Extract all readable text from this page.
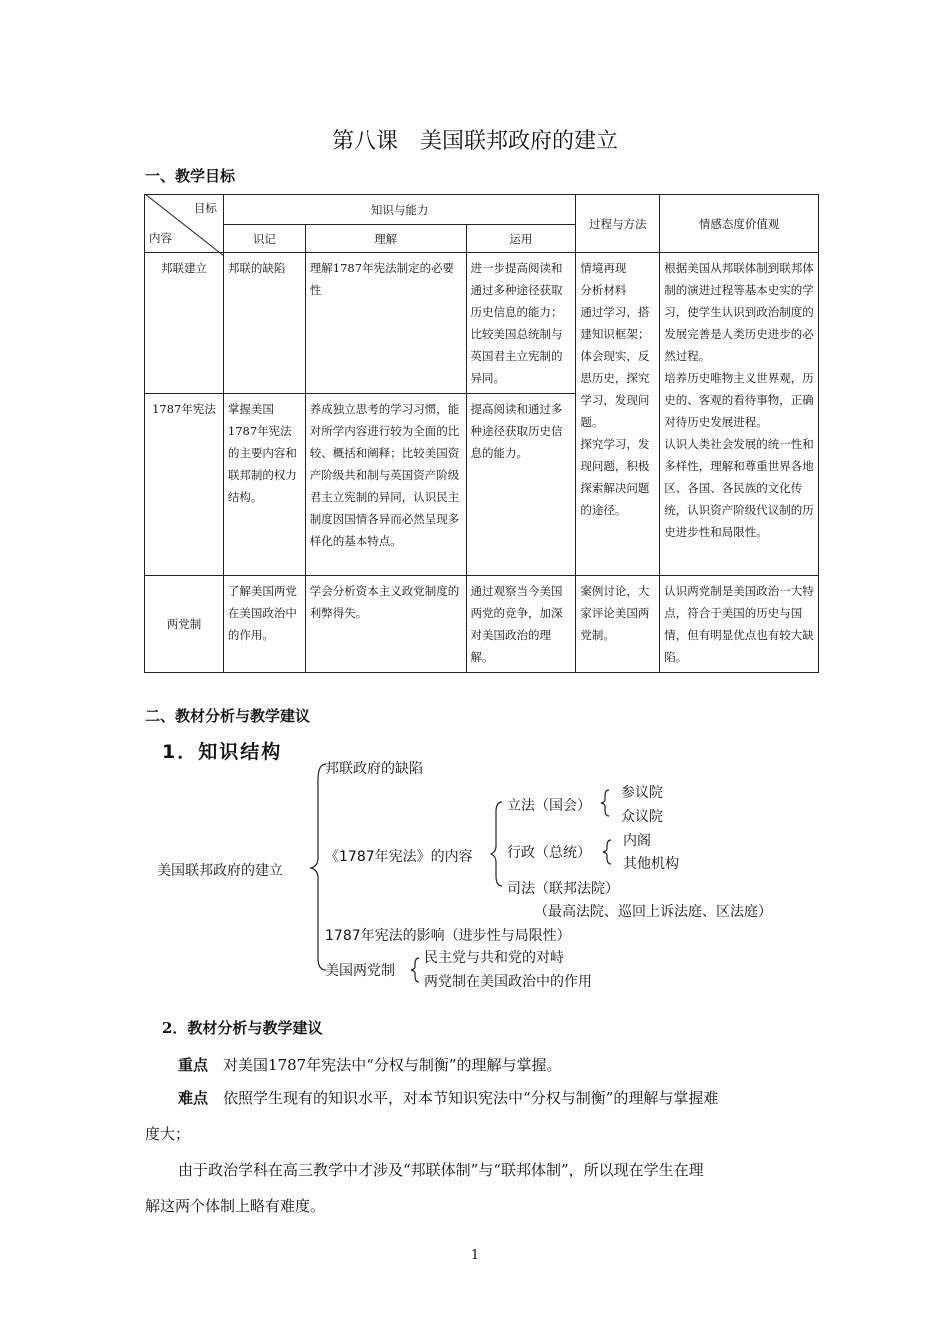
第八课　美国联邦政府的建立
一、教学目标
目标
内容	知识与能力			过程与方法	情感态度价值观
	识记	理解	运用		
邦联建立	邦联的缺陷	理解1787年宪法制定的必要性	进一步提高阅读和通过多种途径获取历史信息的能力；比较美国总统制与英国君主立宪制的异同。	情境再现
分析材料
通过学习，搭建知识框架；体会现实，反思历史，探究学习，发现问题。
探究学习，发现问题，积极探索解决问题的途径。	根据美国从邦联体制到联邦体制的演进过程等基本史实的学习，使学生认识到政治制度的发展完善是人类历史进步的必然过程。
培养历史唯物主义世界观，历史的、客观的看待事物，正确对待历史发展进程。
认识人类社会发展的统一性和多样性，理解和尊重世界各地区、各国、各民族的文化传统，认识资产阶级代议制的历史进步性和局限性。
1787年宪法	掌握美国1787年宪法的主要内容和联邦制的权力结构。	养成独立思考的学习习惯，能对所学内容进行较为全面的比较、概括和阐释；比较美国资产阶级共和制与英国资产阶级君主立宪制的异同，认识民主制度因国情各异而必然呈现多样化的基本特点。	提高阅读和通过多种途径获取历史信息的能力。		
两党制	了解美国两党在美国政治中的作用。	学会分析资本主义政党制度的利弊得失。	通过观察当今美国两党的竞争，加深对美国政治的理解。	案例讨论，大家评论美国两党制。	认识两党制是美国政治一大特点，符合于美国的历史与国情，但有明显优点也有较大缺陷。
二、教材分析与教学建议
1．知识结构
美国联邦政府的建立
邦联政府的缺陷
《1787年宪法》的内容
立法（国会）
参议院
众议院
行政（总统）
内阁
其他机构
司法（联邦法院）
（最高法院、巡回上诉法庭、区法庭）
1787年宪法的影响（进步性与局限性）
美国两党制
民主党与共和党的对峙
两党制在美国政治中的作用
2．教材分析与教学建议
重点　 对美国1787年宪法中“分权与制衡”的理解与掌握。
难点　 依照学生现有的知识水平，对本节知识宪法中“分权与制衡”的理解与掌握难
度大；
由于政治学科在高三教学中才涉及“邦联体制”与“联邦体制”，所以现在学生在理
解这两个体制上略有难度。
1
